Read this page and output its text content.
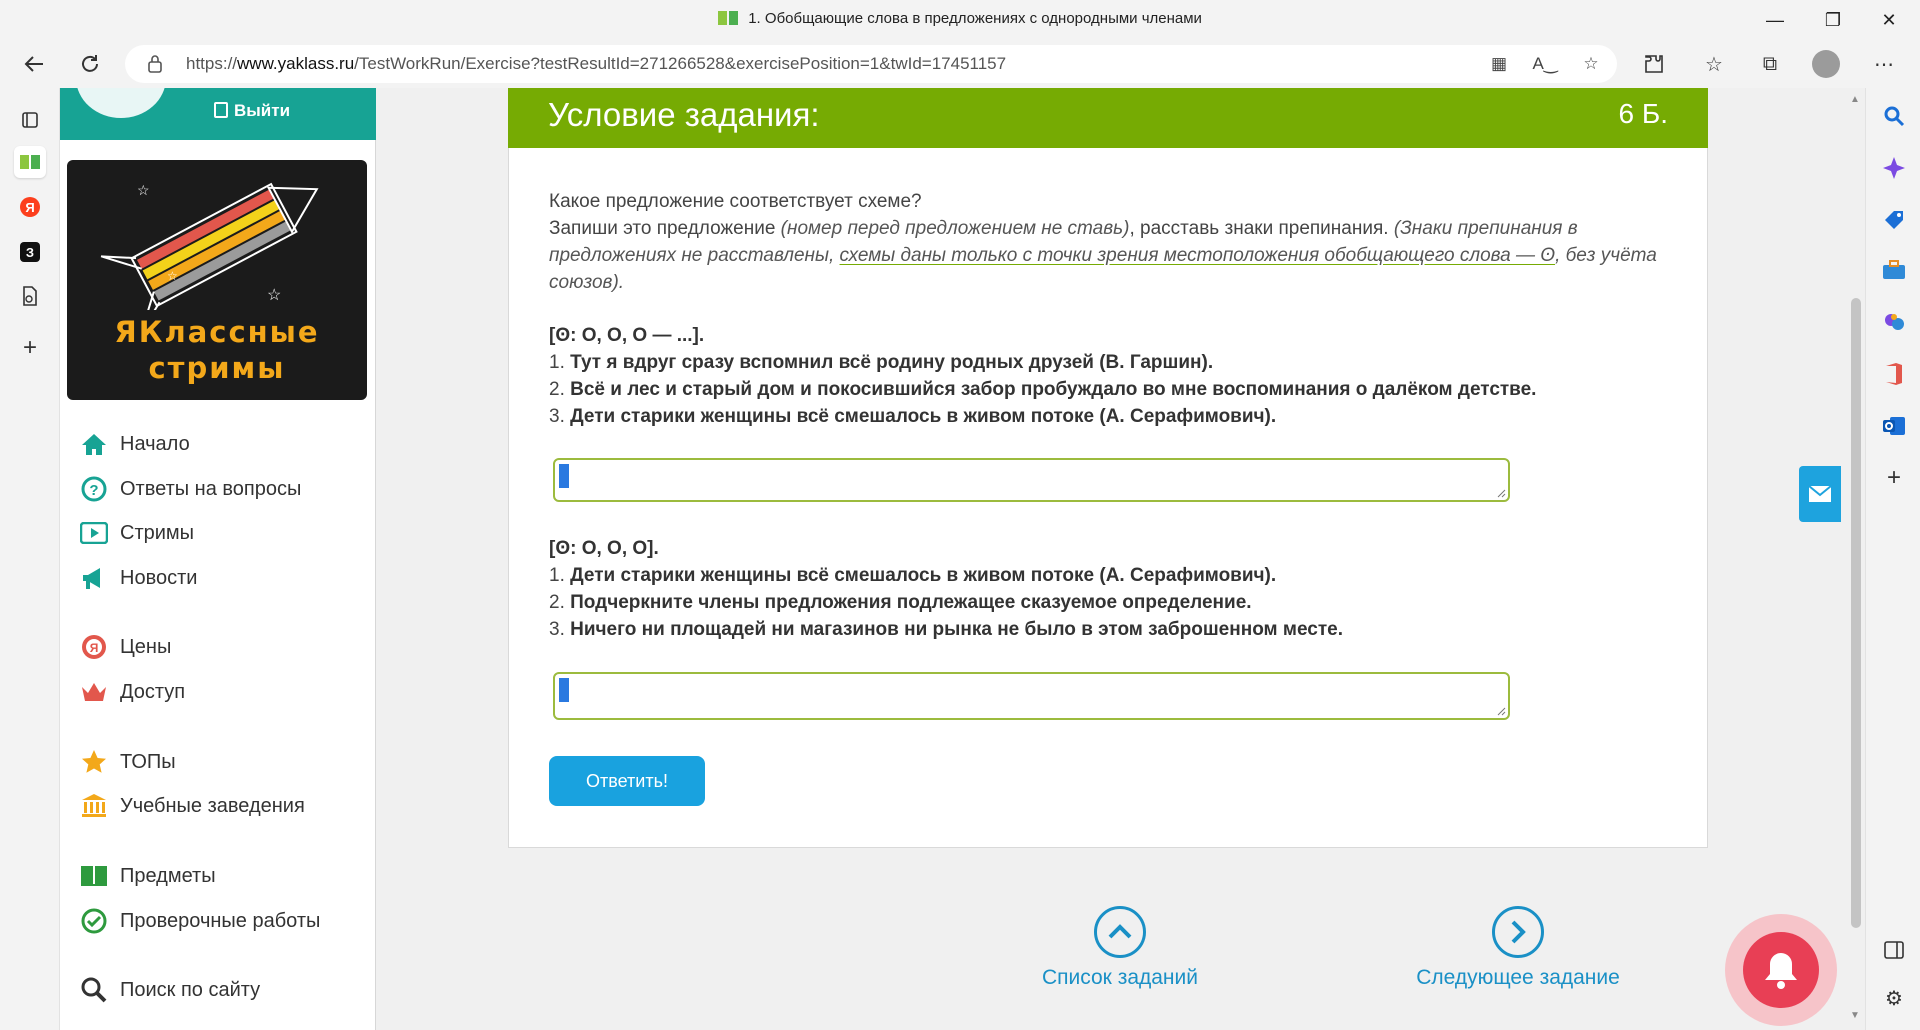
1. Обобщающие слова в предложениях с однородными членами	—	❐	✕
https://www.yaklass.ru/TestWorkRun/Exercise?testResultId=271266528&exercisePosition=1&twId=17451157	▦ A‿ ☆	☆	⧉	⋯
Я
З
+
Выйти
☆
☆
☆
ЯКлассные
стримы
Начало
? Ответы на вопросы
Стримы
Новости
Я Цены
Доступ
ТОПы
Учебные заведения
Предметы
Проверочные работы
Поиск по сайту
Условие задания:	6 Б.
Какое предложение соответствует схеме?
Запиши это предложение (номер перед предложением не ставь), расставь знаки препинания. (Знаки препинания в предложениях не расставлены, схемы даны только с точки зрения местоположения обобщающего слова — ʘ, без учёта союзов).
[ʘ: О, О, О — ...].
1. Тут я вдруг сразу вспомнил всё родину родных друзей (В. Гаршин).
2. Всё и лес и старый дом и покосившийся забор пробуждало во мне воспоминания о далёком детстве.
3. Дети старики женщины всё смешалось в живом потоке (А. Серафимович).
[ʘ: О, О, О].
1. Дети старики женщины всё смешалось в живом потоке (А. Серафимович).
2. Подчеркните члены предложения подлежащее сказуемое определение.
3. Ничего ни площадей ни магазинов ни рынка не было в этом заброшенном месте.
Ответить!
Список заданий	Следующее задание
▲
▼
+
⚙
